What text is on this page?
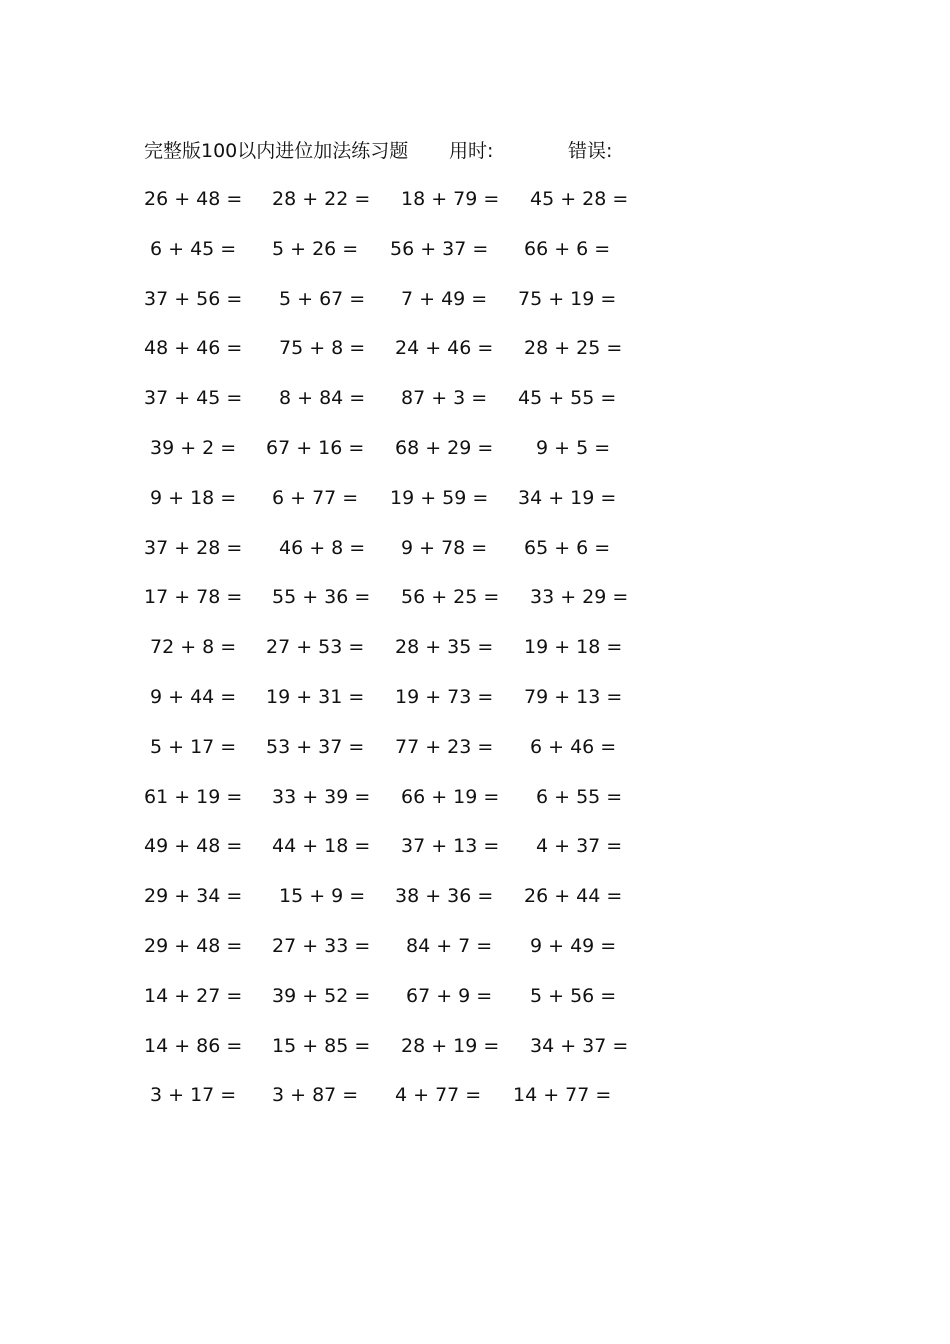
完整版100以内进位加法练习题 用时:	错误:
26 + 48 = 28 + 22 = 18 + 79 = 45 + 28 =
6 + 45 = 5 + 26 = 56 + 37 = 66 + 6 =
37 + 56 = 5 + 67 = 7 + 49 = 75 + 19 =
48 + 46 = 75 + 8 = 24 + 46 = 28 + 25 =
37 + 45 = 8 + 84 = 87 + 3 = 45 + 55 =
39 + 2 = 67 + 16 = 68 + 29 = 9 + 5 =
9 + 18 = 6 + 77 = 19 + 59 = 34 + 19 =
37 + 28 = 46 + 8 = 9 + 78 = 65 + 6 =
17 + 78 = 55 + 36 = 56 + 25 = 33 + 29 =
72 + 8 = 27 + 53 = 28 + 35 = 19 + 18 =
9 + 44 = 19 + 31 = 19 + 73 = 79 + 13 =
5 + 17 = 53 + 37 = 77 + 23 = 6 + 46 =
61 + 19 = 33 + 39 = 66 + 19 = 6 + 55 =
49 + 48 = 44 + 18 = 37 + 13 = 4 + 37 =
29 + 34 = 15 + 9 = 38 + 36 = 26 + 44 =
29 + 48 = 27 + 33 = 84 + 7 = 9 + 49 =
14 + 27 = 39 + 52 = 67 + 9 = 5 + 56 =
14 + 86 = 15 + 85 = 28 + 19 = 34 + 37 =
3 + 17 = 3 + 87 = 4 + 77 = 14 + 77 =
